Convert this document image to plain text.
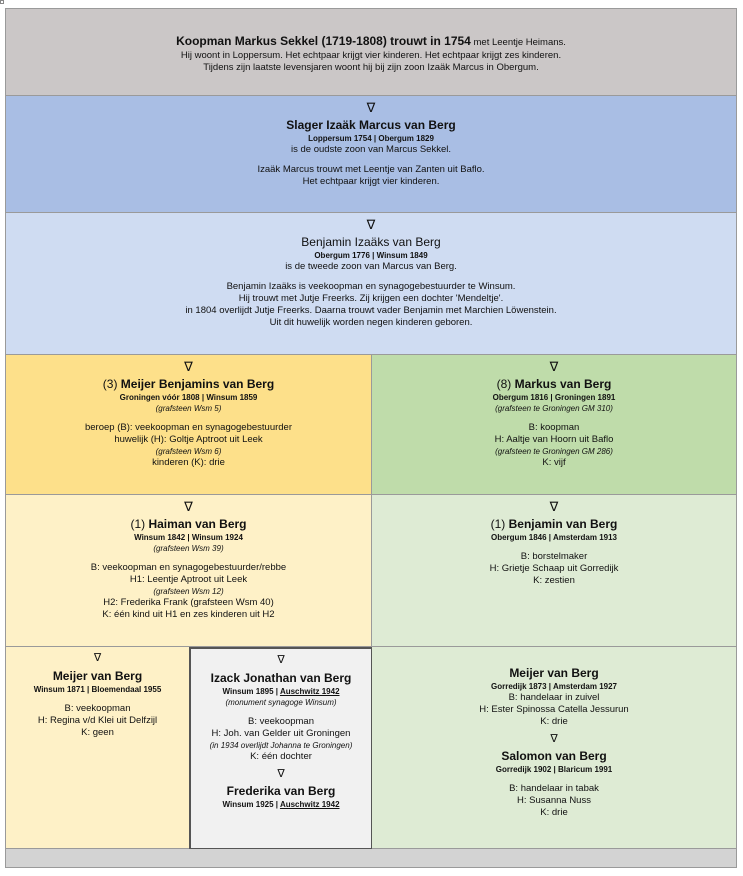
Koopman Markus Sekkel (1719-1808) trouwt in 1754 met Leentje Heimans.
Hij woont in Loppersum. Het echtpaar krijgt vier kinderen. Het echtpaar krijgt zes kinderen.
Tijdens zijn laatste levensjaren woont hij bij zijn zoon Izaäk Marcus in Obergum.
∇
Slager Izaäk Marcus van Berg
Loppersum 1754 | Obergum 1829
is de oudste zoon van Marcus Sekkel.
Izaäk Marcus trouwt met Leentje van Zanten uit Baflo.
Het echtpaar krijgt vier kinderen.
∇
Benjamin Izaäks van Berg
Obergum 1776 | Winsum 1849
is de tweede zoon van Marcus van Berg.
Benjamin Izaäks is veekoopman en synagogebestuurder te Winsum.
Hij trouwt met Jutje Freerks. Zij krijgen een dochter 'Mendeltje'.
in 1804 overlijdt Jutje Freerks. Daarna trouwt vader Benjamin met Marchien Löwenstein.
Uit dit huwelijk worden negen kinderen geboren.
∇
(3) Meijer Benjamins van Berg
Groningen vóór 1808 | Winsum 1859
(grafsteen Wsm 5)
beroep (B): veekoopman en synagogebestuurder
huwelijk (H): Goltje Aptroot uit Leek
(grafsteen Wsm 6)
kinderen (K): drie
∇
(8) Markus van Berg
Obergum 1816 | Groningen 1891
(grafsteen te Groningen GM 310)
B: koopman
H: Aaltje van Hoorn uit Baflo
(grafsteen te Groningen GM 286)
K: vijf
∇
(1) Haiman van Berg
Winsum 1842 | Winsum 1924
(grafsteen Wsm 39)
B: veekoopman en synagogebestuurder/rebbe
H1: Leentje Aptroot uit Leek
(grafsteen Wsm 12)
H2: Frederika Frank (grafsteen Wsm 40)
K: één kind uit H1 en zes kinderen uit H2
∇
(1) Benjamin van Berg
Obergum 1846 | Amsterdam 1913
B: borstelmaker
H: Grietje Schaap uit Gorredijk
K: zestien
∇
Meijer van Berg
Winsum 1871 | Bloemendaal 1955
B: veekoopman
H: Regina v/d Klei uit Delfzijl
K: geen
∇
Izack Jonathan van Berg
Winsum 1895 | Auschwitz 1942
(monument synagoge Winsum)
B: veekoopman
H: Joh. van Gelder uit Groningen
(in 1934 overlijdt Johanna te Groningen)
K: één dochter
∇
Frederika van Berg
Winsum 1925 | Auschwitz 1942
Meijer van Berg
Gorredijk 1873 | Amsterdam 1927
B: handelaar in zuivel
H: Ester Spinossa Catella Jessurun
K: drie
∇
Salomon van Berg
Gorredijk 1902 | Blaricum 1991
B: handelaar in tabak
H: Susanna Nuss
K: drie
